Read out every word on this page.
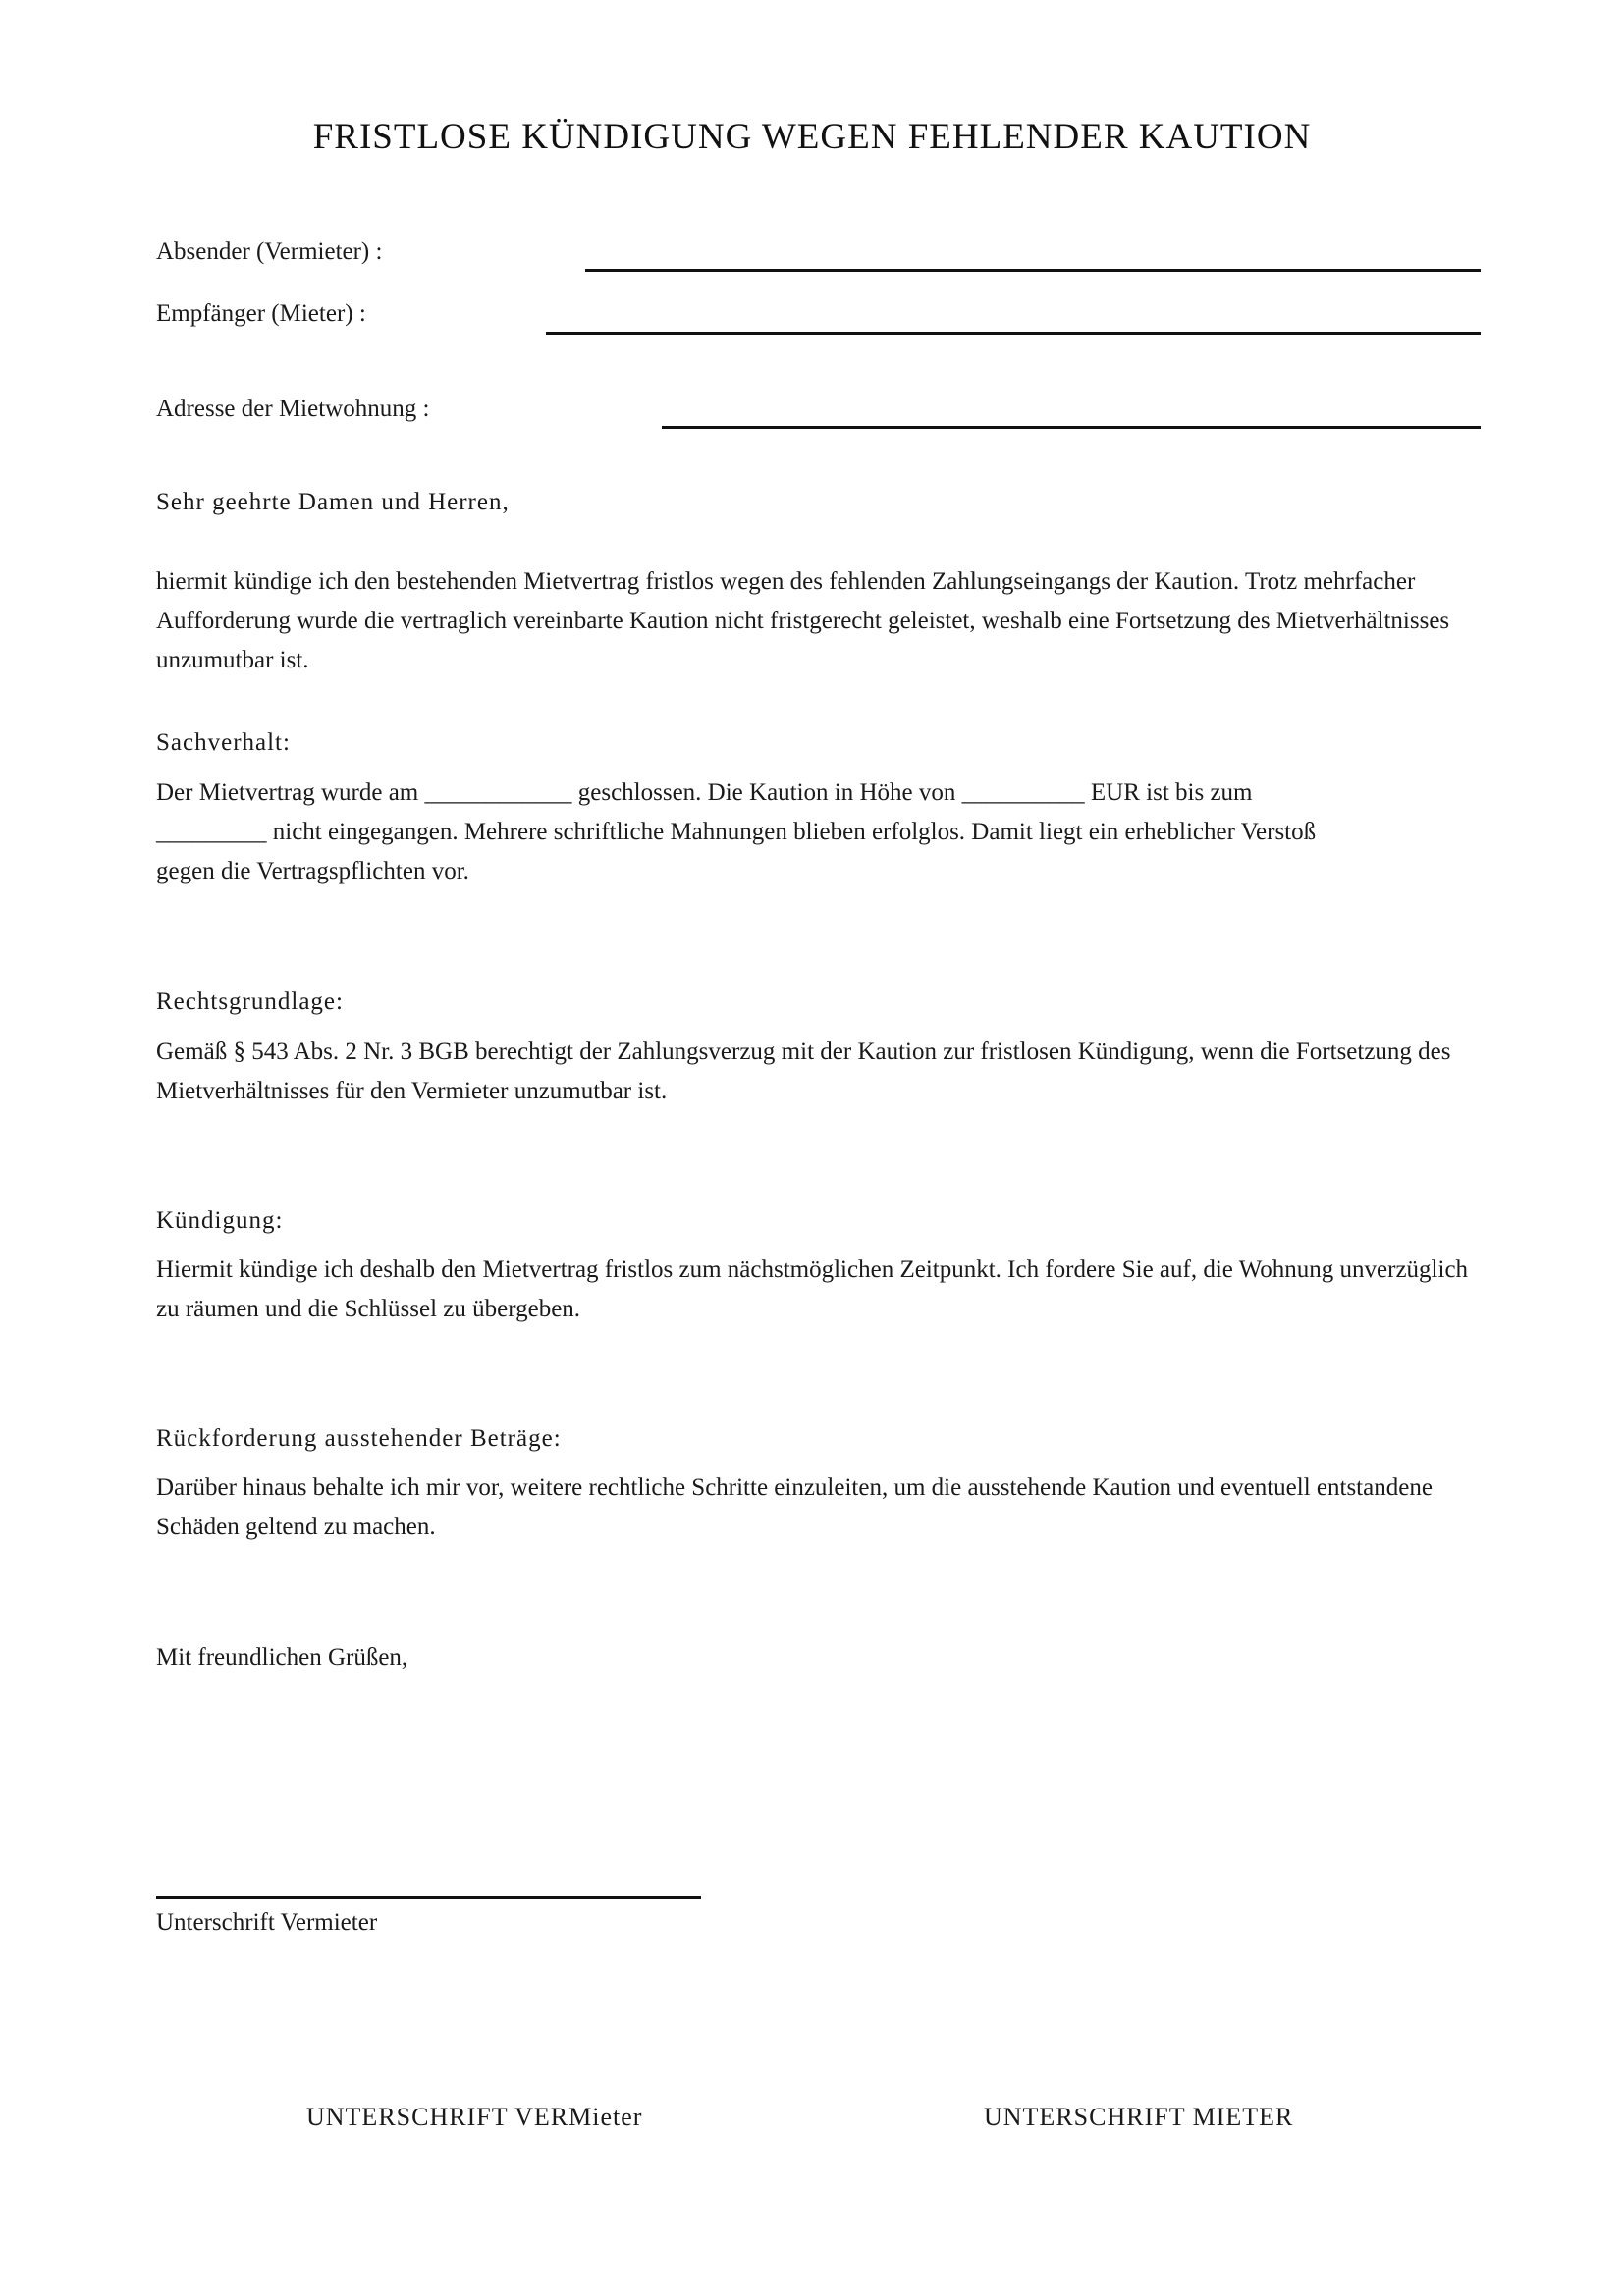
FRISTLOSE KÜNDIGUNG WEGEN FEHLENDER KAUTION
Absender (Vermieter) :
Empfänger (Mieter) :
Adresse der Mietwohnung :
Sehr geehrte Damen und Herren,
hiermit kündige ich den bestehenden Mietvertrag fristlos wegen des fehlenden Zahlungseingangs der Kaution. Trotz mehrfacher Aufforderung wurde die vertraglich vereinbarte Kaution nicht fristgerecht geleistet, weshalb eine Fortsetzung des Mietverhältnisses unzumutbar ist.
Sachverhalt:
Der Mietvertrag wurde am ____________ geschlossen. Die Kaution in Höhe von __________ EUR ist bis zum
_________ nicht eingegangen. Mehrere schriftliche Mahnungen blieben erfolglos. Damit liegt ein erheblicher Verstoß
gegen die Vertragspflichten vor.
Rechtsgrundlage:
Gemäß § 543 Abs. 2 Nr. 3 BGB berechtigt der Zahlungsverzug mit der Kaution zur fristlosen Kündigung, wenn die Fortsetzung des Mietverhältnisses für den Vermieter unzumutbar ist.
Kündigung:
Hiermit kündige ich deshalb den Mietvertrag fristlos zum nächstmöglichen Zeitpunkt. Ich fordere Sie auf, die Wohnung unverzüglich zu räumen und die Schlüssel zu übergeben.
Rückforderung ausstehender Beträge:
Darüber hinaus behalte ich mir vor, weitere rechtliche Schritte einzuleiten, um die ausstehende Kaution und eventuell entstandene Schäden geltend zu machen.
Mit freundlichen Grüßen,
Unterschrift Vermieter
UNTERSCHRIFT VERMieter	UNTERSCHRIFT MIETER
